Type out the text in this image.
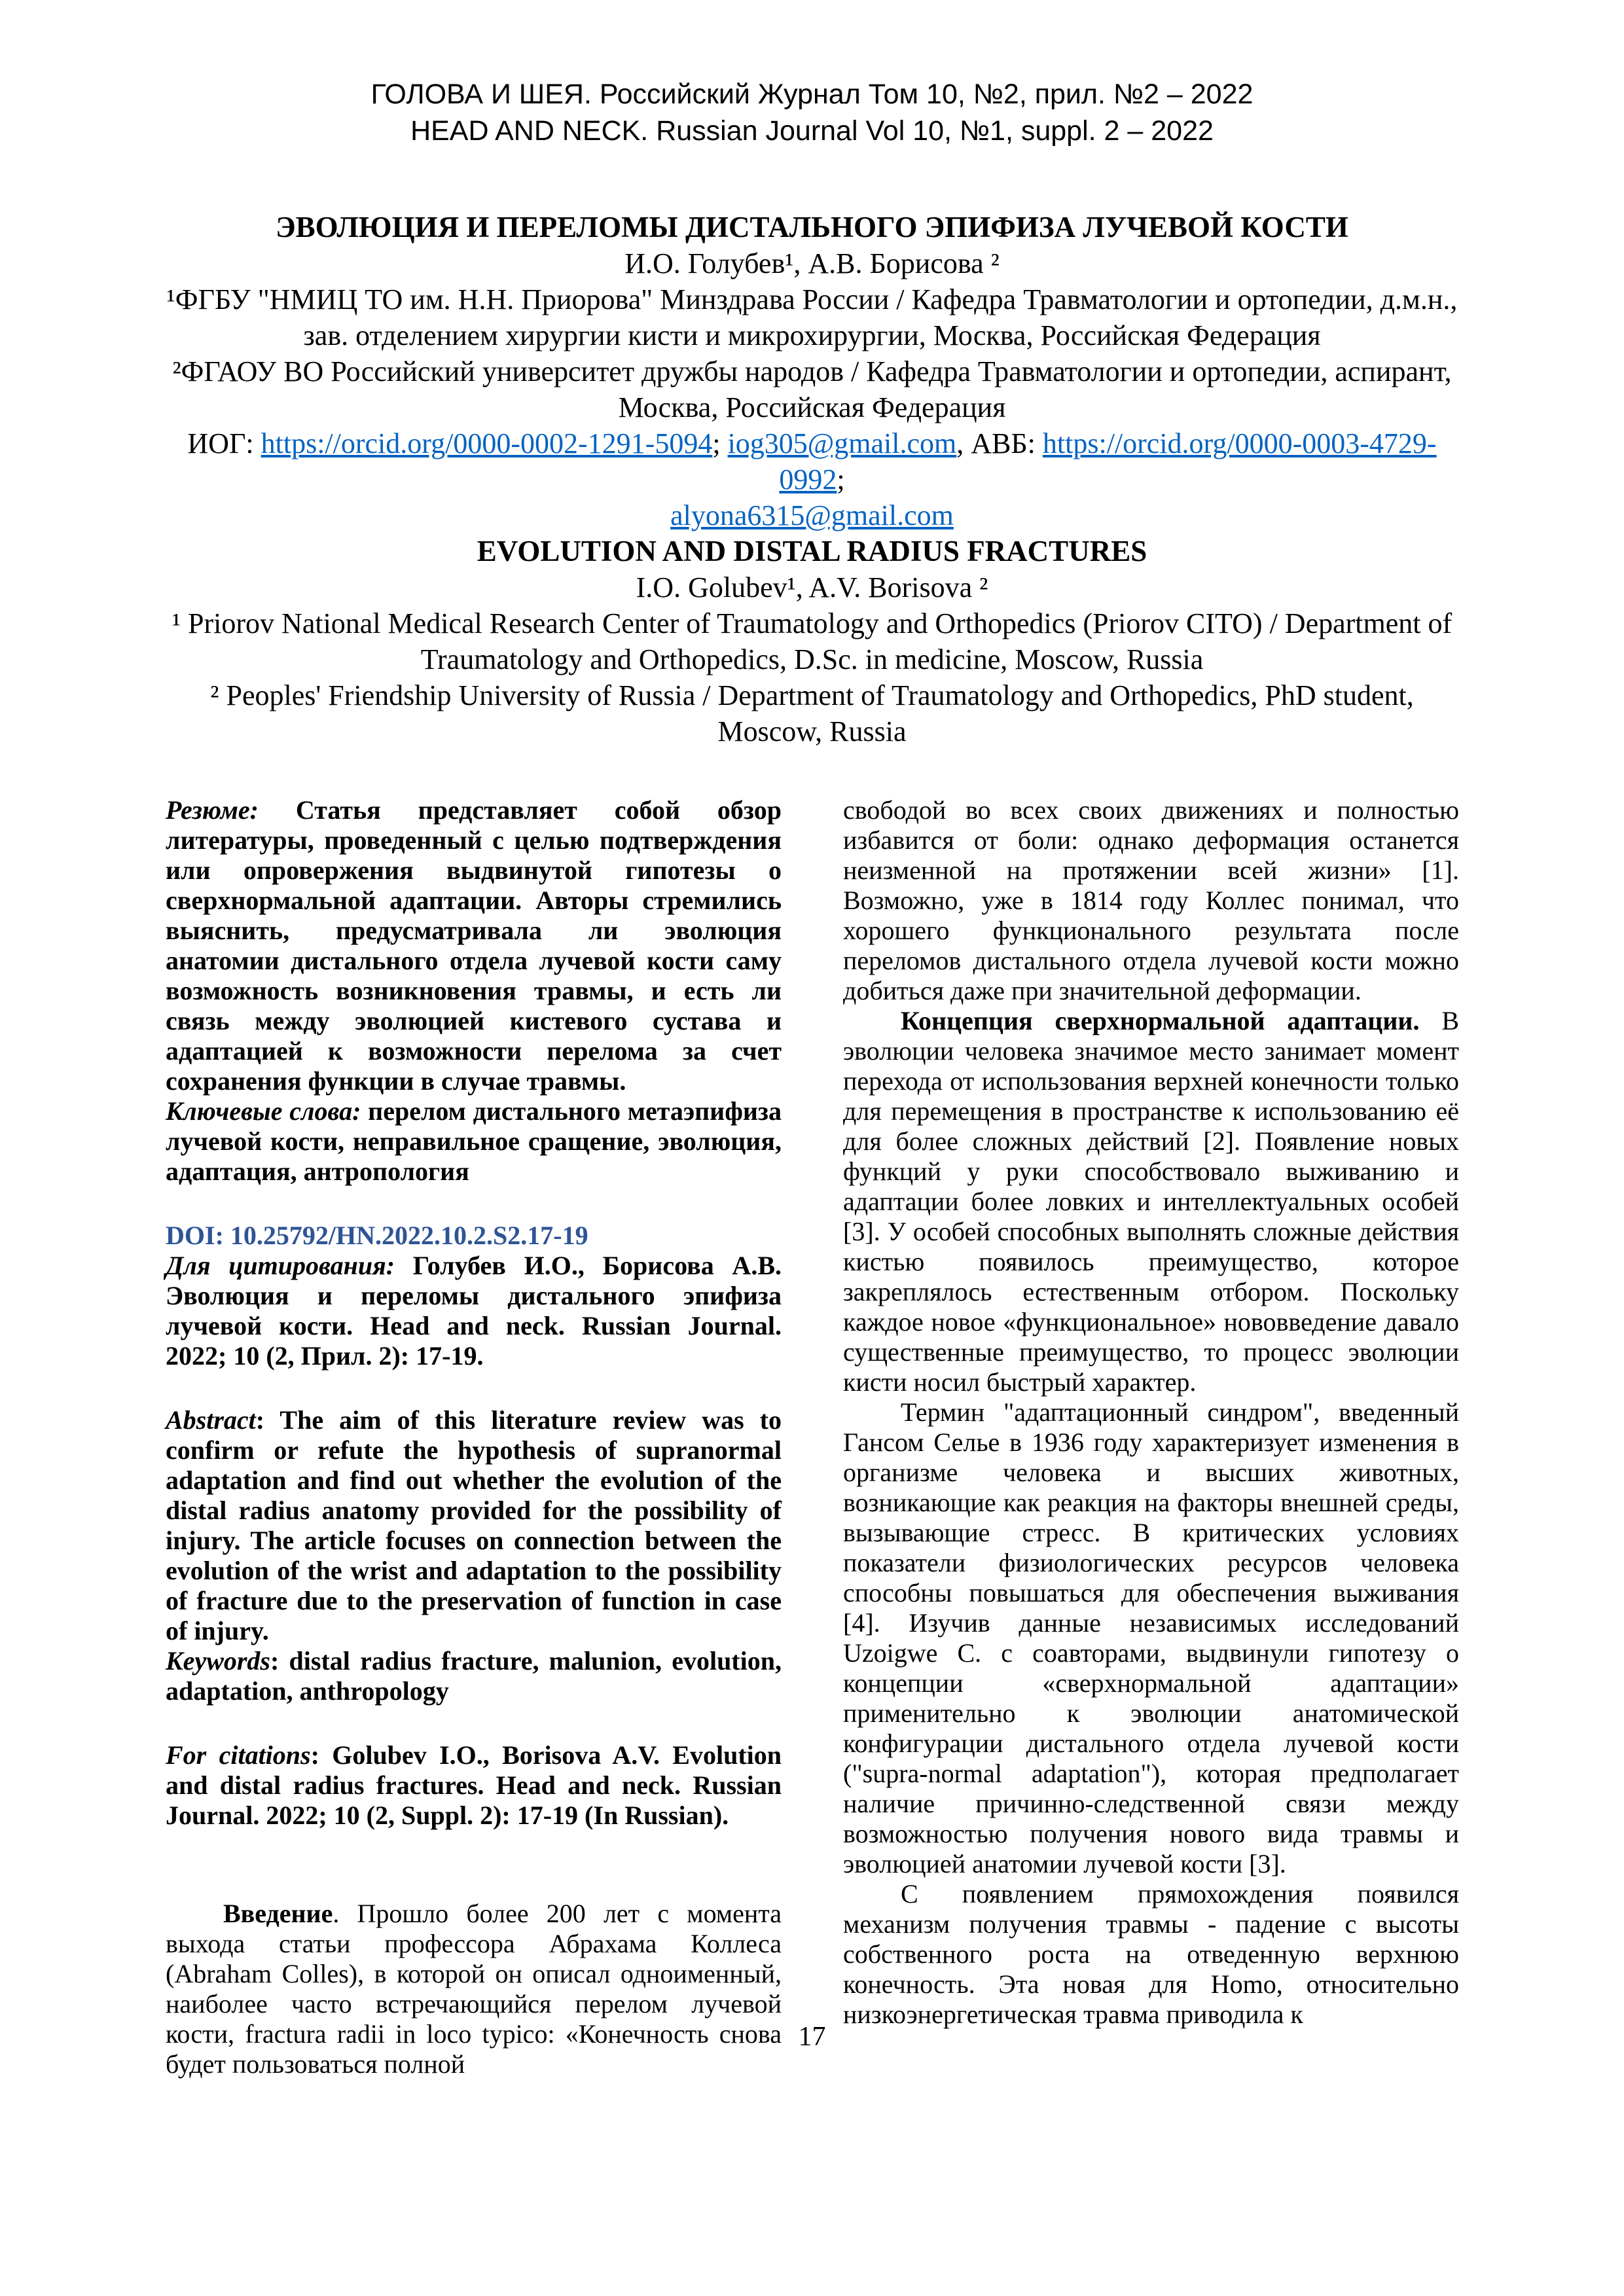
ГОЛОВА И ШЕЯ. Российский Журнал Том 10, №2, прил. №2 – 2022
HEAD AND NECK. Russian Journal Vol 10, №1, suppl. 2 – 2022
ЭВОЛЮЦИЯ И ПЕРЕЛОМЫ ДИСТАЛЬНОГО ЭПИФИЗА ЛУЧЕВОЙ КОСТИ
И.О. Голубев¹, А.В. Борисова ²
¹ФГБУ "НМИЦ ТО им. Н.Н. Приорова" Минздрава России / Кафедра Травматологии и ортопедии, д.м.н., зав. отделением хирургии кисти и микрохирургии, Москва, Российская Федерация
²ФГАОУ ВО Российский университет дружбы народов / Кафедра Травматологии и ортопедии, аспирант, Москва, Российская Федерация
ИОГ: https://orcid.org/0000-0002-1291-5094; iog305@gmail.com, АВБ: https://orcid.org/0000-0003-4729-0992;
alyona6315@gmail.com
EVOLUTION AND DISTAL RADIUS FRACTURES
I.O. Golubev¹, A.V. Borisova ²
¹ Priorov National Medical Research Center of Traumatology and Orthopedics (Priorov CITO) / Department of Traumatology and Orthopedics, D.Sc. in medicine, Moscow, Russia
² Peoples' Friendship University of Russia / Department of Traumatology and Orthopedics, PhD student, Moscow, Russia

Резюме: Статья представляет собой обзор литературы, проведенный с целью подтверждения или опровержения выдвинутой гипотезы о сверхнормальной адаптации. Авторы стремились выяснить, предусматривала ли эволюция анатомии дистального отдела лучевой кости саму возможность возникновения травмы, и есть ли связь между эволюцией кистевого сустава и адаптацией к возможности перелома за счет сохранения функции в случае травмы.

Ключевые слова: перелом дистального метаэпифиза лучевой кости, неправильное сращение, эволюция, адаптация, антропология

DOI: 10.25792/HN.2022.10.2.S2.17-19

Для цитирования: Голубев И.О., Борисова А.В. Эволюция и переломы дистального эпифиза лучевой кости. Head and neck. Russian Journal. 2022; 10 (2, Прил. 2): 17-19.

Abstract: The aim of this literature review was to confirm or refute the hypothesis of supranormal adaptation and find out whether the evolution of the distal radius anatomy provided for the possibility of injury. The article focuses on connection between the evolution of the wrist and adaptation to the possibility of fracture due to the preservation of function in case of injury.

Keywords: distal radius fracture, malunion, evolution, adaptation, anthropology

For citations: Golubev I.O., Borisova A.V. Evolution and distal radius fractures. Head and neck. Russian Journal. 2022; 10 (2, Suppl. 2): 17-19 (In Russian).

Введение. Прошло более 200 лет с момента выхода статьи профессора Абрахама Коллеса (Abraham Colles), в которой он описал одноименный, наиболее часто встречающийся перелом лучевой кости, fractura radii in loco typico: «Конечность снова будет пользоваться полной

свободой во всех своих движениях и полностью избавится от боли: однако деформация останется неизменной на протяжении всей жизни» [1]. Возможно, уже в 1814 году Коллес понимал, что хорошего функционального результата после переломов дистального отдела лучевой кости можно добиться даже при значительной деформации.

Концепция сверхнормальной адаптации. В эволюции человека значимое место занимает момент перехода от использования верхней конечности только для перемещения в пространстве к использованию её для более сложных действий [2]. Появление новых функций у руки способствовало выживанию и адаптации более ловких и интеллектуальных особей [3]. У особей способных выполнять сложные действия кистью появилось преимущество, которое закреплялось естественным отбором. Поскольку каждое новое «функциональное» нововведение давало существенные преимущество, то процесс эволюции кисти носил быстрый характер.

Термин "адаптационный синдром", введенный Гансом Селье в 1936 году характеризует изменения в организме человека и высших животных, возникающие как реакция на факторы внешней среды, вызывающие стресс. В критических условиях показатели физиологических ресурсов человека способны повышаться для обеспечения выживания [4]. Изучив данные независимых исследований Uzoigwe C. с соавторами, выдвинули гипотезу о концепции «сверхнормальной адаптации» применительно к эволюции анатомической конфигурации дистального отдела лучевой кости ("supra-normal adaptation"), которая предполагает наличие причинно-следственной связи между возможностью получения нового вида травмы и эволюцией анатомии лучевой кости [3].

С появлением прямохождения появился механизм получения травмы - падение с высоты собственного роста на отведенную верхнюю конечность. Эта новая для Homo, относительно низкоэнергетическая травма приводила к

17
